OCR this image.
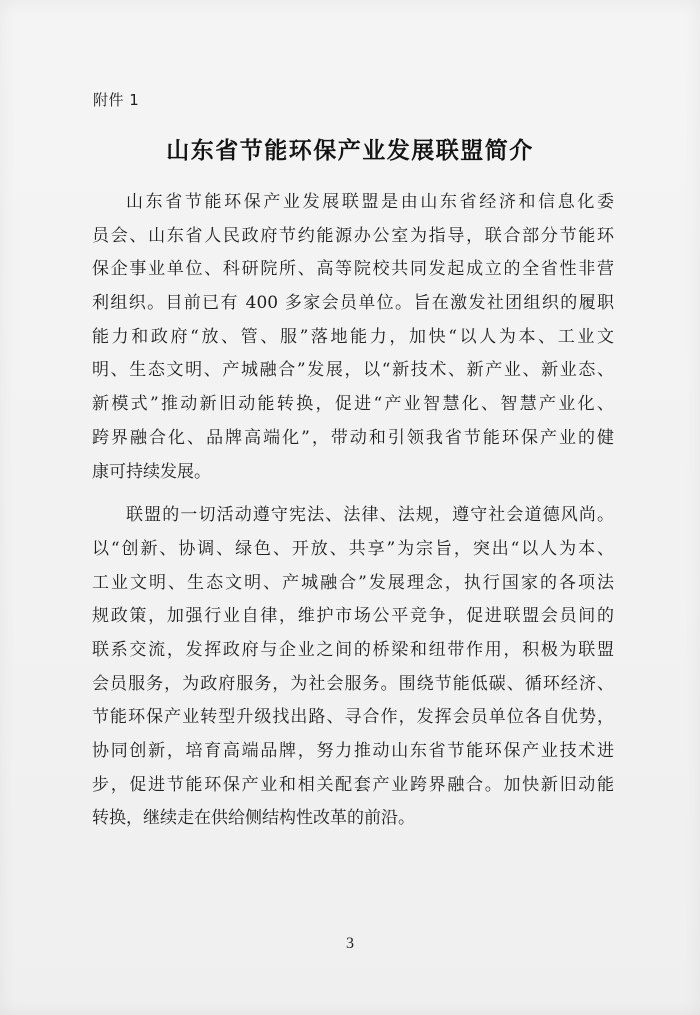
附件 1
山东省节能环保产业发展联盟简介
山东省节能环保产业发展联盟是由山东省经济和信息化委
员会、山东省人民政府节约能源办公室为指导，联合部分节能环
保企事业单位、科研院所、高等院校共同发起成立的全省性非营
利组织。目前已有 400 多家会员单位。旨在激发社团组织的履职
能力和政府“放、管、服”落地能力，加快“以人为本、工业文
明、生态文明、产城融合”发展，以“新技术、新产业、新业态、
新模式”推动新旧动能转换，促进“产业智慧化、智慧产业化、
跨界融合化、品牌高端化”，带动和引领我省节能环保产业的健
康可持续发展。
联盟的一切活动遵守宪法、法律、法规，遵守社会道德风尚。
以“创新、协调、绿色、开放、共享”为宗旨，突出“以人为本、
工业文明、生态文明、产城融合”发展理念，执行国家的各项法
规政策，加强行业自律，维护市场公平竞争，促进联盟会员间的
联系交流，发挥政府与企业之间的桥梁和纽带作用，积极为联盟
会员服务，为政府服务，为社会服务。围绕节能低碳、循环经济、
节能环保产业转型升级找出路、寻合作，发挥会员单位各自优势，
协同创新，培育高端品牌，努力推动山东省节能环保产业技术进
步，促进节能环保产业和相关配套产业跨界融合。加快新旧动能
转换，继续走在供给侧结构性改革的前沿。
3
